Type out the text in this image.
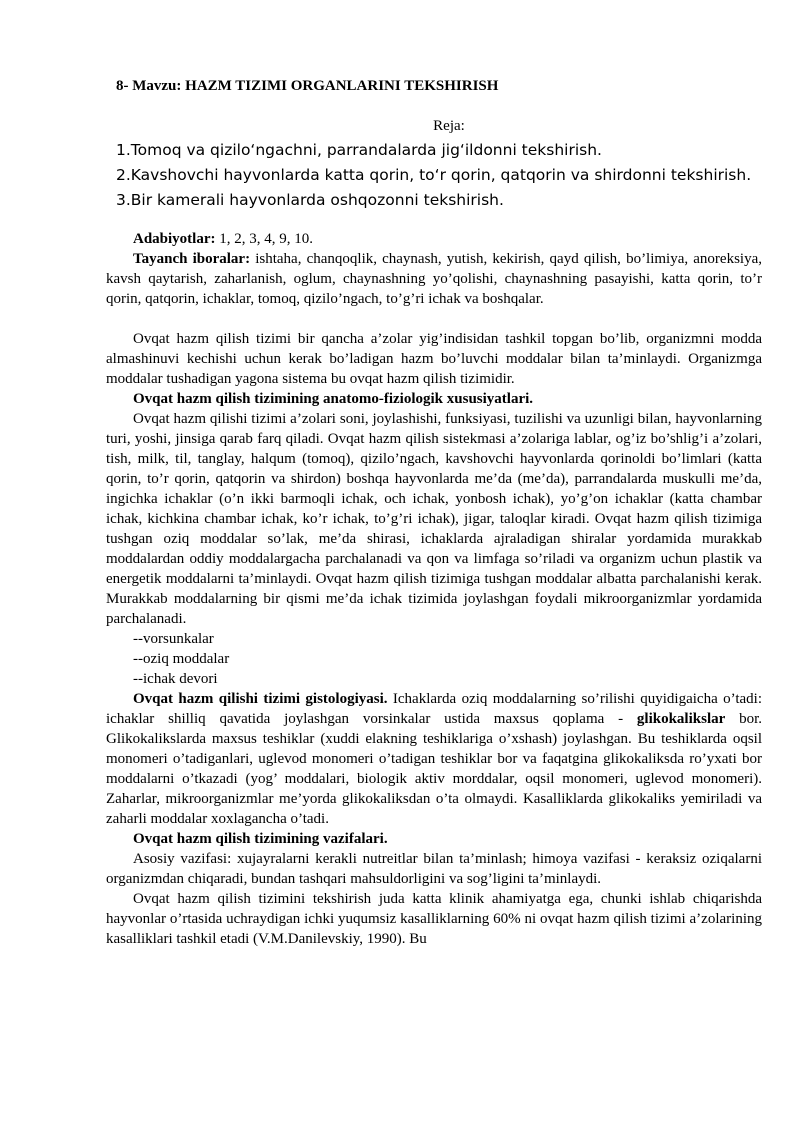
8- Mavzu: HAZM TIZIMI ORGANLARINI TEKSHIRISH
Reja:
1.Tomoq va qizilo‘ngachni, parrandalarda jig‘ildonni tekshirish.
2.Kavshovchi hayvonlarda katta qorin, to‘r qorin, qatqorin va shirdonni tekshirish.
3.Bir kamerali hayvonlarda oshqozonni tekshirish.

Adabiyotlar: 1, 2, 3, 4, 9, 10.

Tayanch iboralar: ishtaha, chanqoqlik, chaynash, yutish, kekirish, qayd qilish, bo’limiya, anoreksiya, kavsh qaytarish, zaharlanish, oglum, chaynashning yo’qolishi, chaynashning pasayishi, katta qorin, to’r qorin, qatqorin, ichaklar, tomoq, qizilo’ngach, to’g’ri ichak va boshqalar.

Ovqat hazm qilish tizimi bir qancha a’zolar yig’indisidan tashkil topgan bo’lib, organizmni modda almashinuvi kechishi uchun kerak bo’ladigan hazm bo’luvchi moddalar bilan ta’minlaydi. Organizmga moddalar tushadigan yagona sistema bu ovqat hazm qilish tizimidir.

Ovqat hazm qilish tizimining anatomo-fiziologik xususiyatlari.

Ovqat hazm qilishi tizimi a’zolari soni, joylashishi, funksiyasi, tuzilishi va uzunligi bilan, hayvonlarning turi, yoshi, jinsiga qarab farq qiladi. Ovqat hazm qilish sistekmasi a’zolariga lablar, og’iz bo’shlig’i a’zolari, tish, milk, til, tanglay, halqum (tomoq), qizilo’ngach, kavshovchi hayvonlarda qorinoldi bo’limlari (katta qorin, to’r qorin, qatqorin va shirdon) boshqa hayvonlarda me’da (me’da), parrandalarda muskulli me’da, ingichka ichaklar (o’n ikki barmoqli ichak, och ichak, yonbosh ichak), yo’g’on ichaklar (katta chambar ichak, kichkina chambar ichak, ko’r ichak, to’g’ri ichak), jigar, taloqlar kiradi. Ovqat hazm qilish tizimiga tushgan oziq moddalar so’lak, me’da shirasi, ichaklarda ajraladigan shiralar yordamida murakkab moddalardan oddiy moddalargacha parchalanadi va qon va limfaga so’riladi va organizm uchun plastik va energetik moddalarni ta’minlaydi. Ovqat hazm qilish tizimiga tushgan moddalar albatta parchalanishi kerak. Murakkab moddalarning bir qismi me’da ichak tizimida joylashgan foydali mikroorganizmlar yordamida parchalanadi.

--vorsunkalar

--oziq moddalar

--ichak devori

Ovqat hazm qilishi tizimi gistologiyasi. Ichaklarda oziq moddalarning so’rilishi quyidigaicha o’tadi: ichaklar shilliq qavatida joylashgan vorsinkalar ustida maxsus qoplama - glikokalikslar bor. Glikokalikslarda maxsus teshiklar (xuddi elakning teshiklariga o’xshash) joylashgan. Bu teshiklarda oqsil monomeri o’tadiganlari, uglevod monomeri o’tadigan teshiklar bor va faqatgina glikokaliksda ro’yxati bor moddalarni o’tkazadi (yog’ moddalari, biologik aktiv morddalar, oqsil monomeri, uglevod monomeri). Zaharlar, mikroorganizmlar me’yorda glikokaliksdan o’ta olmaydi. Kasalliklarda glikokaliks yemiriladi va zaharli moddalar xoxlaganchа o’tadi.

Ovqat hazm qilish tizimining vazifalari.

Asosiy vazifasi: xujayralarni kerakli nutreitlar bilan ta’minlash; himoya vazifasi - keraksiz oziqalarni organizmdan chiqaradi, bundan tashqari mahsuldorligini va sog’ligini ta’minlaydi.

Ovqat hazm qilish tizimini tekshirish juda katta klinik ahamiyatga ega, chunki ishlab chiqarishda hayvonlar o’rtasida uchraydigan ichki yuqumsiz kasalliklarning 60% ni ovqat hazm qilish tizimi a’zolarining kasalliklari tashkil etadi (V.M.Danilevskiy, 1990). Bu
